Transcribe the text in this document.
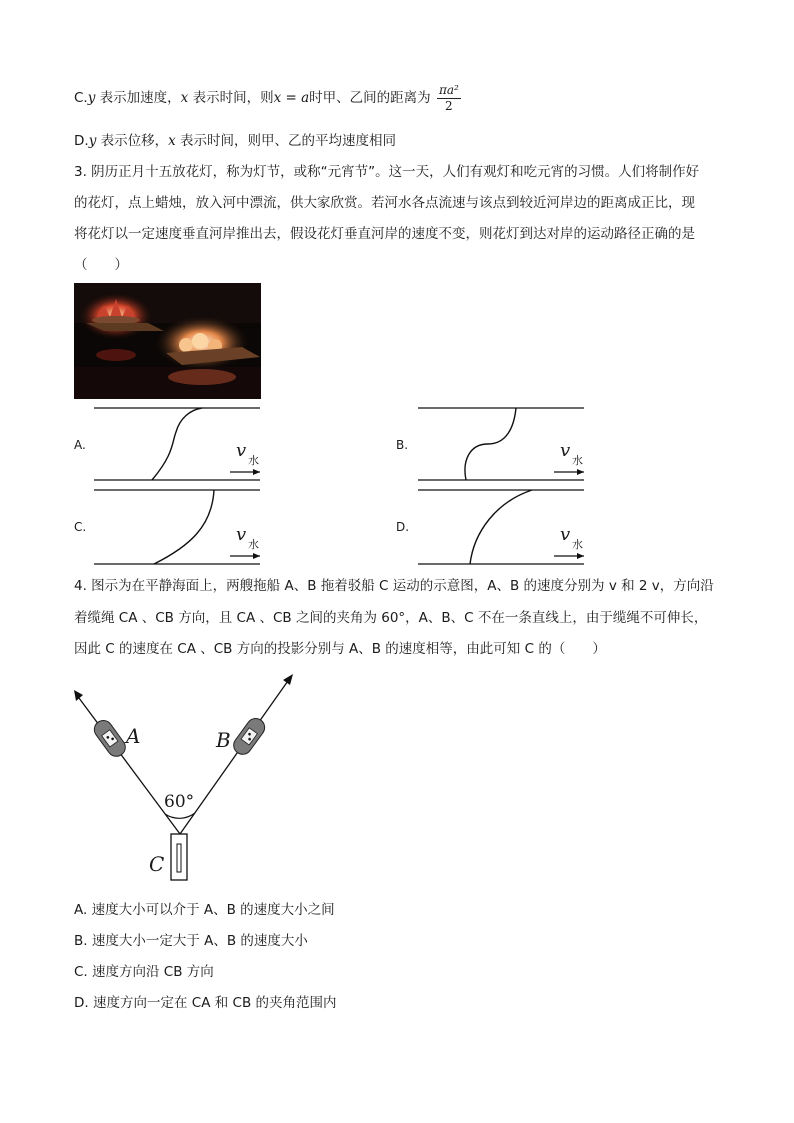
C.y 表示加速度，x 表示时间，则x = a时甲、乙间的距离为 $\frac{\text{πa²}}{2}$
D.y 表示位移，x 表示时间，则甲、乙的平均速度相同
3. 阴历正月十五放花灯，称为灯节，或称“元宵节”。这一天，人们有观灯和吃元宵的习惯。人们将制作好
的花灯，点上蜡烛，放入河中漂流，供大家欣赏。若河水各点流速与该点到较近河岸边的距离成正比，现
将花灯以一定速度垂直河岸推出去，假设花灯垂直河岸的速度不变，则花灯到达对岸的运动路径正确的是
（　　）
v 水
A.	v 水
B.
v 水
C.	v 水
D.
4. 图示为在平静海面上，两艘拖船 A、B 拖着驳船 C 运动的示意图，A、B 的速度分别为 v 和 2 v，方向沿
着缆绳 CA 、CB 方向，且 CA 、CB 之间的夹角为 60°，A、B、C 不在一条直线上，由于缆绳不可伸长，
因此 C 的速度在 CA 、CB 方向的投影分别与 A、B 的速度相等，由此可知 C 的（　　）
A	B
60°
C
A. 速度大小可以介于 A、B 的速度大小之间
B. 速度大小一定大于 A、B 的速度大小
C. 速度方向沿 CB 方向
D. 速度方向一定在 CA 和 CB 的夹角范围内
